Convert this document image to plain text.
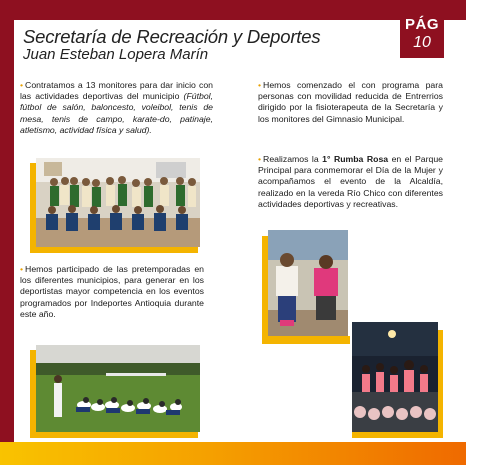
PÁG
10
Secretaría de Recreación y Deportes
Juan Esteban Lopera Marín
• Contratamos a 13 monitores para dar inicio con las actividades deportivas del municipio (Fútbol, fútbol de salón, baloncesto, voleibol, tenis de mesa, tenis de campo, karate-do, patinaje, atletismo, actividad física y salud).
• Hemos participado de las pretemporadas en los diferentes municipios, para generar en los deportistas mayor competencia en los eventos programados por Indeportes Antioquia durante este año.
• Hemos comenzado el con programa para personas con movilidad reducida de Entrerrios dirigido por la fisioterapeuta de la Secretaría y los monitores del Gimnasio Municipal.
• Realizamos la 1° Rumba Rosa en el Parque Principal para conmemorar el Día de la Mujer y acompañamos el evento de la Alcaldía, realizado en la vereda Río Chico con diferentes actividades deportivas y recreativas.
